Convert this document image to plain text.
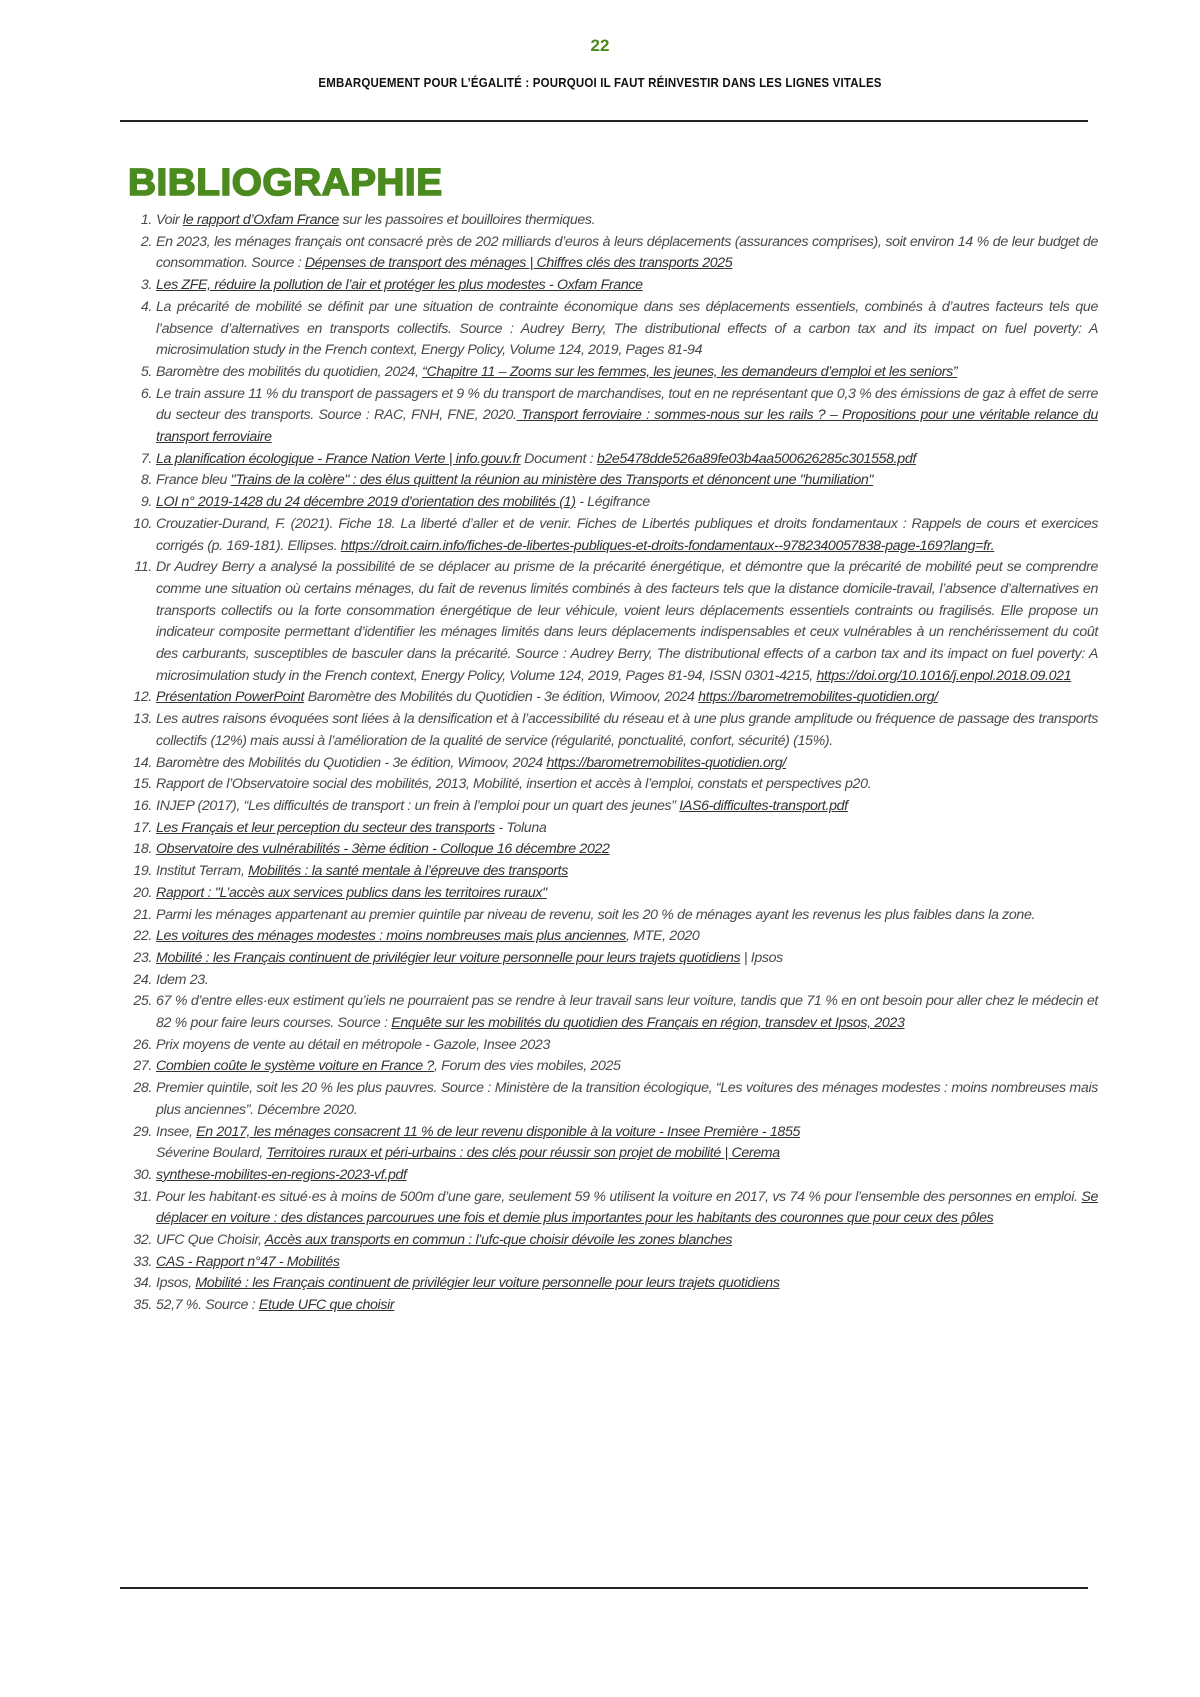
22
EMBARQUEMENT POUR L’ÉGALITÉ : POURQUOI IL FAUT RÉINVESTIR DANS LES LIGNES VITALES
BIBLIOGRAPHIE
1. Voir le rapport d’Oxfam France sur les passoires et bouilloires thermiques.
2. En 2023, les ménages français ont consacré près de 202 milliards d’euros à leurs déplacements (assurances comprises), soit environ 14 % de leur budget de consommation. Source : Dépenses de transport des ménages | Chiffres clés des transports 2025
3. Les ZFE, réduire la pollution de l’air et protéger les plus modestes - Oxfam France
4. La précarité de mobilité se définit par une situation de contrainte économique dans ses déplacements essentiels, combinés à d’autres facteurs tels que l’absence d’alternatives en transports collectifs. Source : Audrey Berry, The distributional effects of a carbon tax and its impact on fuel poverty: A microsimulation study in the French context, Energy Policy, Volume 124, 2019, Pages 81-94
5. Baromètre des mobilités du quotidien, 2024, “Chapitre 11 – Zooms sur les femmes, les jeunes, les demandeurs d’emploi et les seniors”
6. Le train assure 11 % du transport de passagers et 9 % du transport de marchandises, tout en ne représentant que 0,3 % des émissions de gaz à effet de serre du secteur des transports. Source : RAC, FNH, FNE, 2020. Transport ferroviaire : sommes-nous sur les rails ? – Propositions pour une véritable relance du transport ferroviaire
7. La planification écologique - France Nation Verte | info.gouv.fr Document : b2e5478dde526a89fe03b4aa500626285c301558.pdf
8. France bleu "Trains de la colère" : des élus quittent la réunion au ministère des Transports et dénoncent une "humiliation"
9. LOI n° 2019-1428 du 24 décembre 2019 d’orientation des mobilités (1) - Légifrance
10. Crouzatier-Durand, F. (2021). Fiche 18. La liberté d’aller et de venir. Fiches de Libertés publiques et droits fondamentaux : Rappels de cours et exercices corrigés (p. 169-181). Ellipses. https://droit.cairn.info/fiches-de-libertes-publiques-et-droits-fondamentaux--9782340057838-page-169?lang=fr.
11. Dr Audrey Berry a analysé la possibilité de se déplacer au prisme de la précarité énergétique, et démontre que la précarité de mobilité peut se comprendre comme une situation où certains ménages, du fait de revenus limités combinés à des facteurs tels que la distance domicile-travail, l’absence d’alternatives en transports collectifs ou la forte consommation énergétique de leur véhicule, voient leurs déplacements essentiels contraints ou fragilisés. Elle propose un indicateur composite permettant d’identifier les ménages limités dans leurs déplacements indispensables et ceux vulnérables à un renchérissement du coût des carburants, susceptibles de basculer dans la précarité. Source : Audrey Berry, The distributional effects of a carbon tax and its impact on fuel poverty: A microsimulation study in the French context, Energy Policy, Volume 124, 2019, Pages 81-94, ISSN 0301-4215, https://doi.org/10.1016/j.enpol.2018.09.021
12. Présentation PowerPoint Baromètre des Mobilités du Quotidien - 3e édition, Wimoov, 2024 https://barometremobilites-quotidien.org/
13. Les autres raisons évoquées sont liées à la densification et à l’accessibilité du réseau et à une plus grande amplitude ou fréquence de passage des transports collectifs (12%) mais aussi à l’amélioration de la qualité de service (régularité, ponctualité, confort, sécurité) (15%).
14. Baromètre des Mobilités du Quotidien - 3e édition, Wimoov, 2024 https://barometremobilites-quotidien.org/
15. Rapport de l’Observatoire social des mobilités, 2013, Mobilité, insertion et accès à l’emploi, constats et perspectives p20.
16. INJEP (2017), “Les difficultés de transport : un frein à l’emploi pour un quart des jeunes” IAS6-difficultes-transport.pdf
17. Les Français et leur perception du secteur des transports - Toluna
18. Observatoire des vulnérabilités - 3ème édition - Colloque 16 décembre 2022
19. Institut Terram, Mobilités : la santé mentale à l’épreuve des transports
20. Rapport : "L’accès aux services publics dans les territoires ruraux"
21. Parmi les ménages appartenant au premier quintile par niveau de revenu, soit les 20 % de ménages ayant les revenus les plus faibles dans la zone.
22. Les voitures des ménages modestes : moins nombreuses mais plus anciennes, MTE, 2020
23. Mobilité : les Français continuent de privilégier leur voiture personnelle pour leurs trajets quotidiens | Ipsos
24. Idem 23.
25. 67 % d’entre elles·eux estiment qu’iels ne pourraient pas se rendre à leur travail sans leur voiture, tandis que 71 % en ont besoin pour aller chez le médecin et 82 % pour faire leurs courses. Source : Enquête sur les mobilités du quotidien des Français en région, transdev et Ipsos, 2023
26. Prix moyens de vente au détail en métropole - Gazole, Insee 2023
27. Combien coûte le système voiture en France ?, Forum des vies mobiles, 2025
28. Premier quintile, soit les 20 % les plus pauvres. Source : Ministère de la transition écologique, “Les voitures des ménages modestes : moins nombreuses mais plus anciennes”. Décembre 2020.
29. Insee, En 2017, les ménages consacrent 11 % de leur revenu disponible à la voiture - Insee Première - 1855
Séverine Boulard, Territoires ruraux et péri-urbains : des clés pour réussir son projet de mobilité | Cerema
30. synthese-mobilites-en-regions-2023-vf.pdf
31. Pour les habitant·es situé·es à moins de 500m d’une gare, seulement 59 % utilisent la voiture en 2017, vs 74 % pour l’ensemble des personnes en emploi. Se déplacer en voiture : des distances parcourues une fois et demie plus importantes pour les habitants des couronnes que pour ceux des pôles
32. UFC Que Choisir, Accès aux transports en commun : l’ufc-que choisir dévoile les zones blanches
33. CAS - Rapport n°47 - Mobilités
34. Ipsos, Mobilité : les Français continuent de privilégier leur voiture personnelle pour leurs trajets quotidiens
35. 52,7 %. Source : Etude UFC que choisir
